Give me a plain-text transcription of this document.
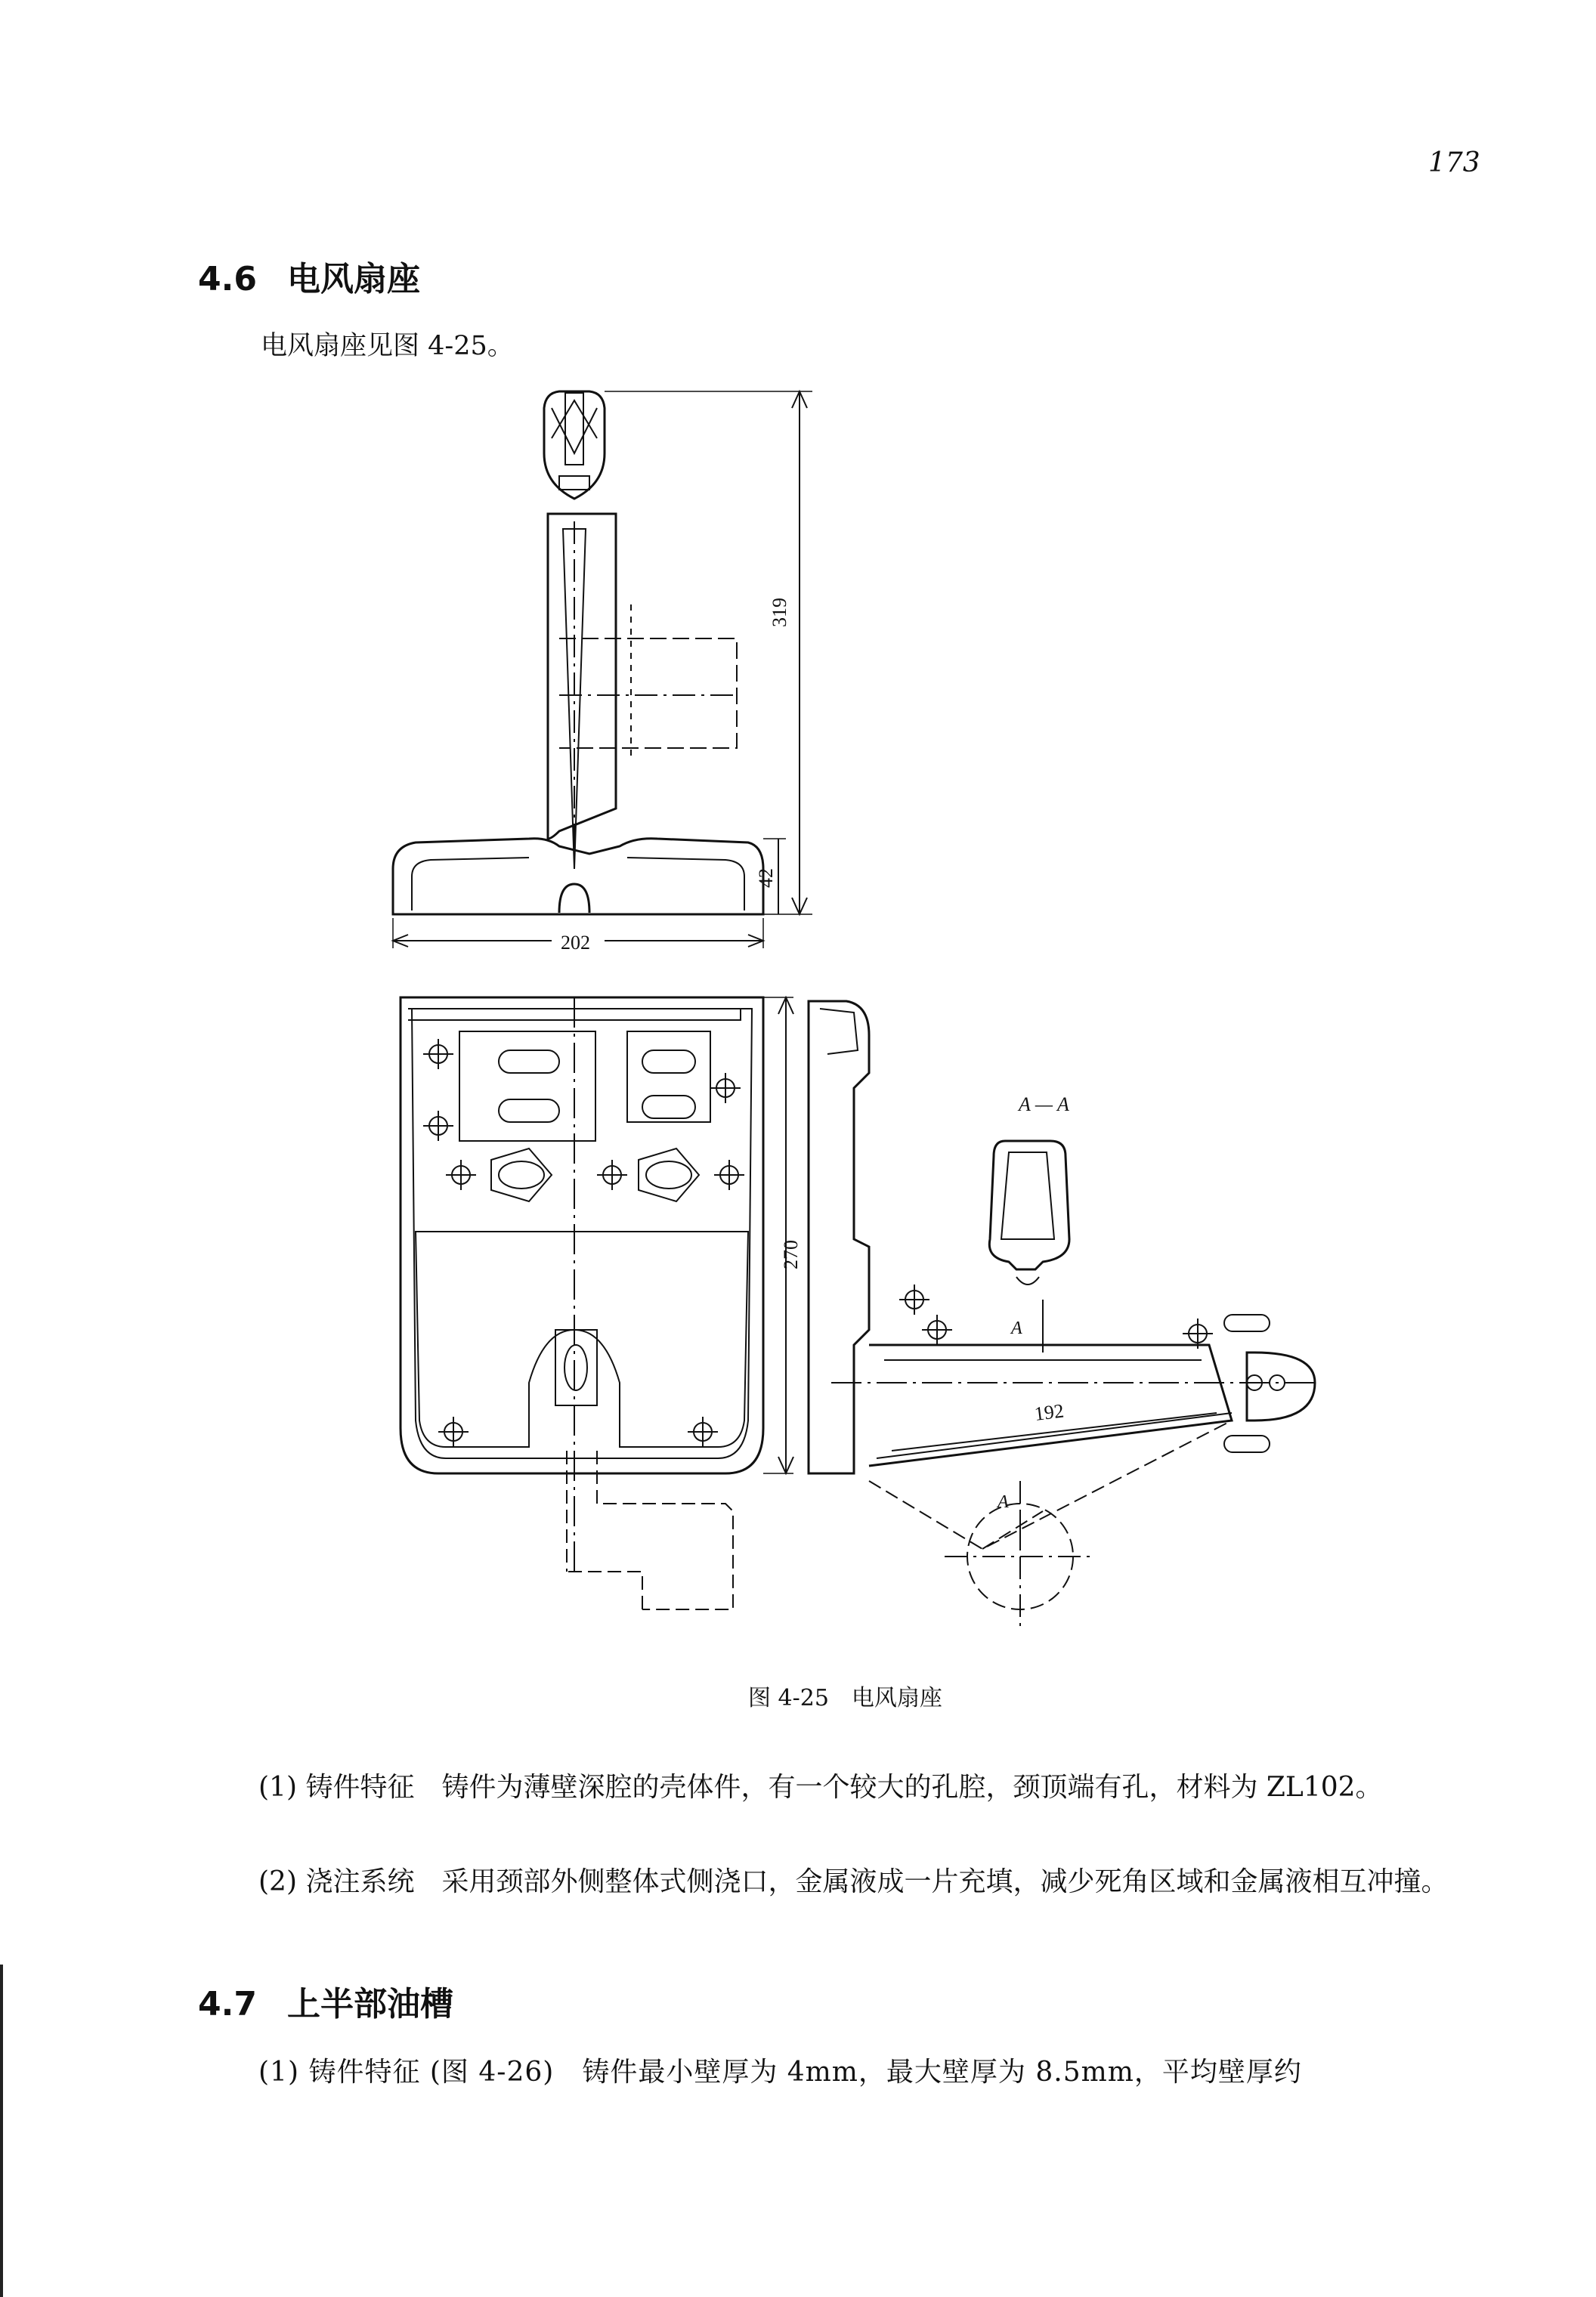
173
4.6 电风扇座
电风扇座见图 4-25。
319
42
202
270
A — A
A
A
192
图 4-25　电风扇座
(1) 铸件特征　 铸件为薄壁深腔的壳体件，有一个较大的孔腔，颈顶端有孔，材料为 ZL102。
(2) 浇注系统　 采用颈部外侧整体式侧浇口，金属液成一片充填，减少死角区域和金属液相互冲撞。
4.7 上半部油槽
(1) 铸件特征 (图 4-26)　 铸件最小壁厚为 4mm，最大壁厚为 8.5mm，平均壁厚约
